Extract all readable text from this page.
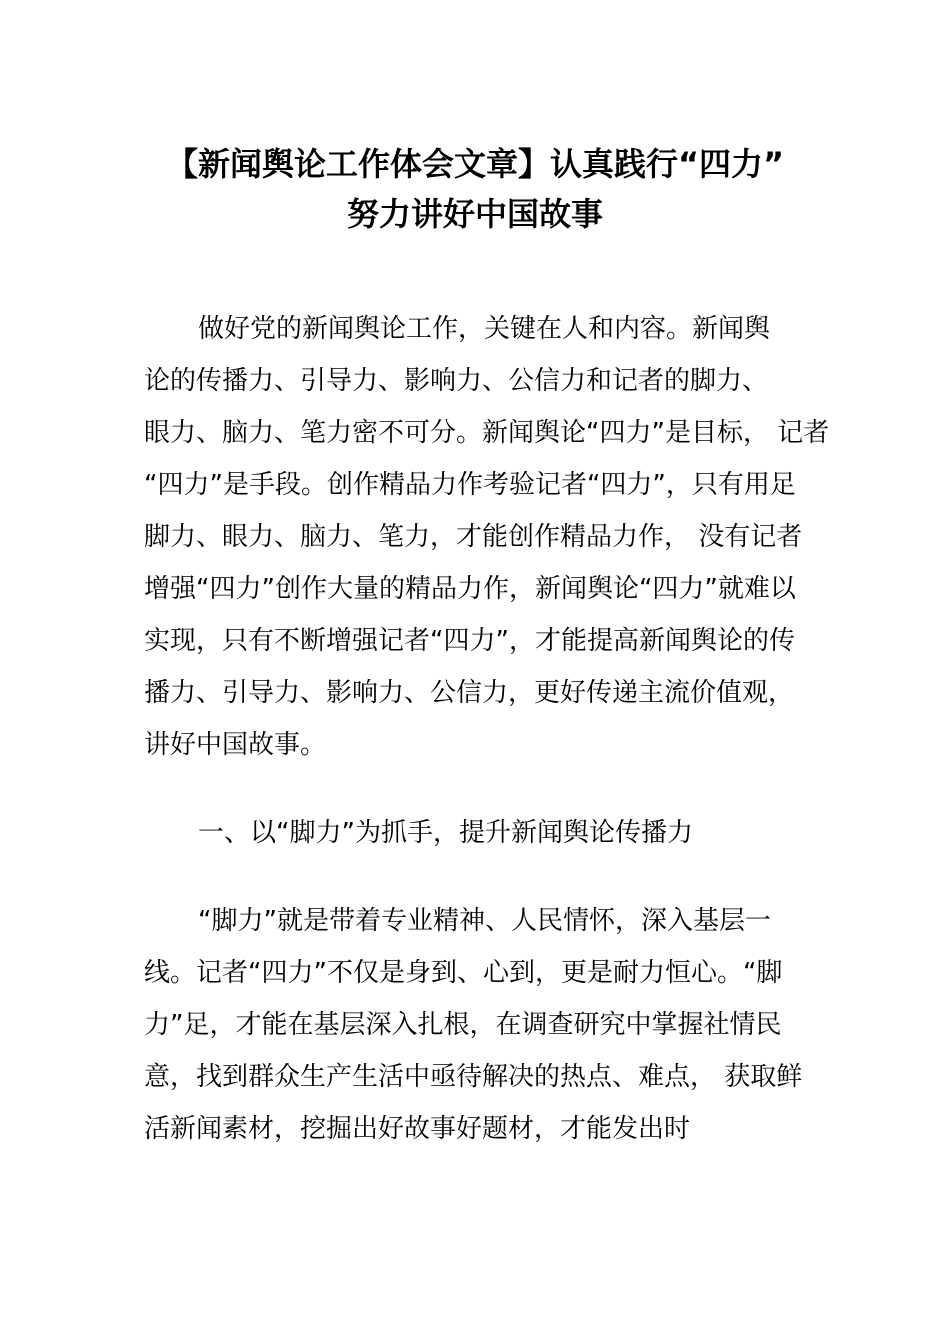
【新闻舆论工作体会文章】认真践行“四力”
努力讲好中国故事
做好党的新闻舆论工作，关键在人和内容。新闻舆
论的传播力、引导力、影响力、公信力和记者的脚力、
眼力、脑力、笔力密不可分。新闻舆论“四力”是目标， 记者
“四力”是手段。创作精品力作考验记者“四力”，只有用足
脚力、眼力、脑力、笔力，才能创作精品力作， 没有记者
增强“四力”创作大量的精品力作，新闻舆论“四力”就难以
实现，只有不断增强记者“四力”，才能提高新闻舆论的传
播力、引导力、影响力、公信力，更好传递主流价值观，
讲好中国故事。
一、以“脚力”为抓手，提升新闻舆论传播力
“脚力”就是带着专业精神、人民情怀，深入基层一
线。记者“四力”不仅是身到、心到，更是耐力恒心。“脚
力”足，才能在基层深入扎根，在调查研究中掌握社情民
意，找到群众生产生活中亟待解决的热点、难点， 获取鲜
活新闻素材，挖掘出好故事好题材，才能发出时
